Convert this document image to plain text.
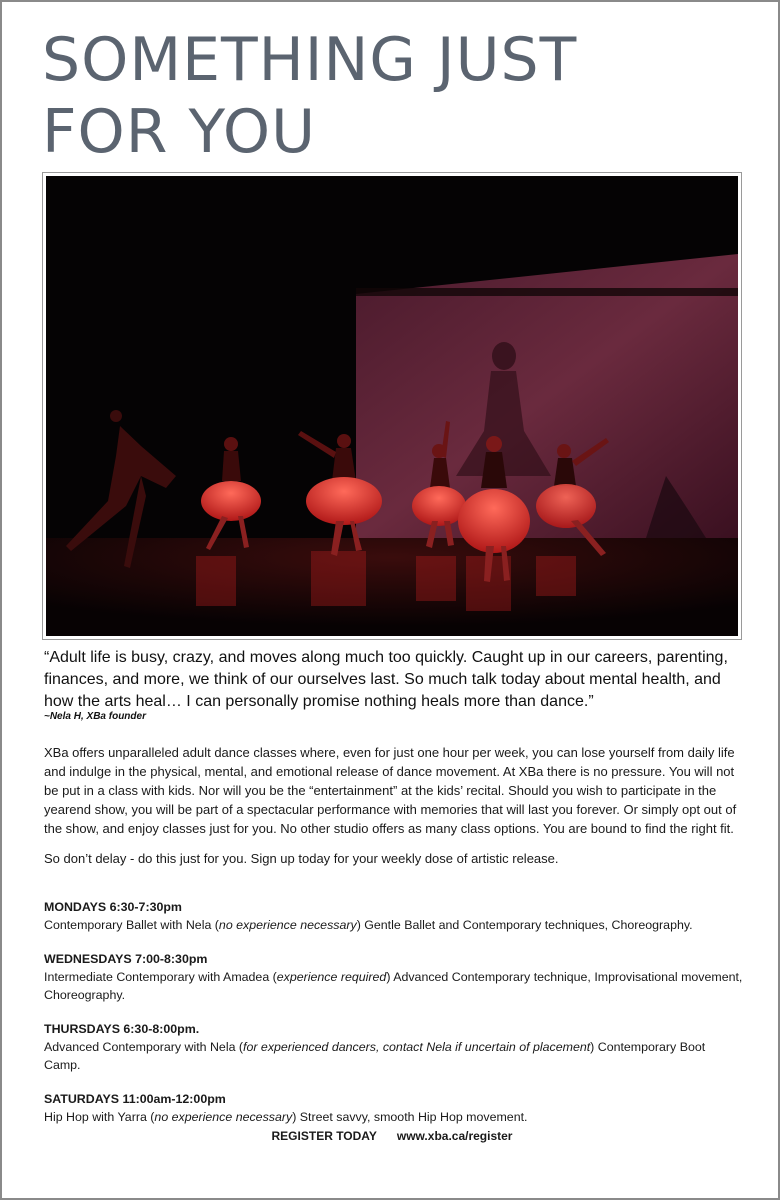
SOMETHING JUST
FOR YOU

“Adult life is busy, crazy, and moves along much too quickly. Caught up in our careers, parenting, finances, and more, we think of our ourselves last. So much talk today about mental health, and how the arts heal… I can personally promise nothing heals more than dance.”

~Nela H, XBa founder

XBa offers unparalleled adult dance classes where, even for just one hour per week, you can lose yourself from daily life and indulge in the physical, mental, and emotional release of dance movement. At XBa there is no pressure. You will not be put in a class with kids. Nor will you be the “entertainment” at the kids’ recital. Should you wish to participate in the yearend show, you will be part of a spectacular performance with memories that will last you forever. Or simply opt out of the show, and enjoy classes just for you. No other studio offers as many class options. You are bound to find the right fit.

So don’t delay - do this just for you. Sign up today for your weekly dose of artistic release.

MONDAYS 6:30-7:30pm
Contemporary Ballet with Nela (no experience necessary) Gentle Ballet and Contemporary techniques, Choreography.
WEDNESDAYS 7:00-8:30pm
Intermediate Contemporary with Amadea (experience required) Advanced Contemporary technique, Improvisational movement, Choreography.
THURSDAYS 6:30-8:00pm.
Advanced Contemporary with Nela (for experienced dancers, contact Nela if uncertain of placement) Contemporary Boot Camp.
SATURDAYS 11:00am-12:00pm
Hip Hop with Yarra (no experience necessary) Street savvy, smooth Hip Hop movement.
REGISTER TODAY www.xba.ca/register
